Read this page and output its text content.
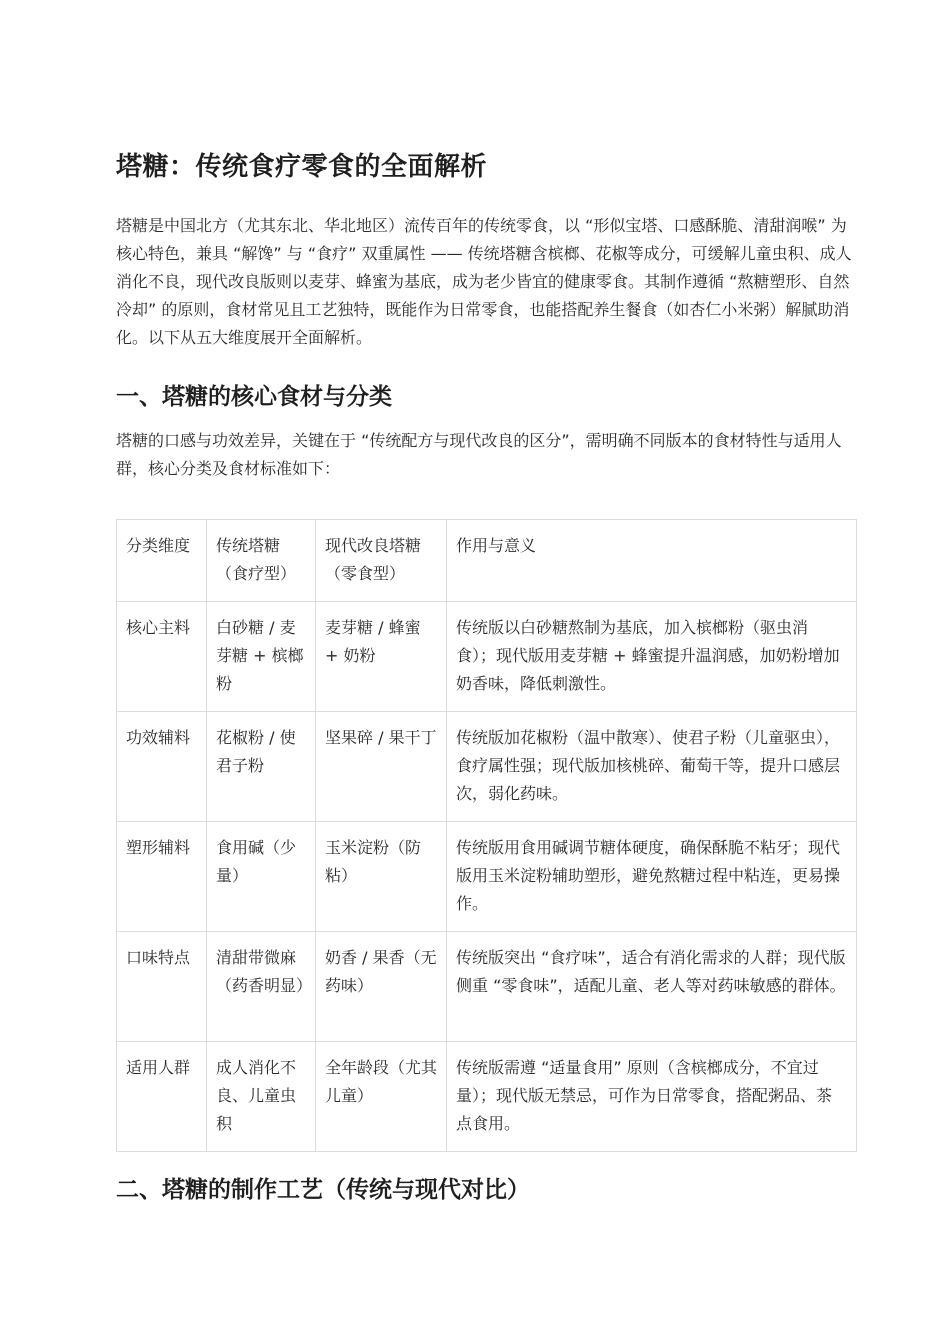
塔糖：传统食疗零食的全面解析

塔糖是中国北方（尤其东北、华北地区）流传百年的传统零食，以 “形似宝塔、口感酥脆、清甜润喉” 为核心特色，兼具 “解馋” 与 “食疗” 双重属性 —— 传统塔糖含槟榔、花椒等成分，可缓解儿童虫积、成人消化不良，现代改良版则以麦芽、蜂蜜为基底，成为老少皆宜的健康零食。其制作遵循 “熬糖塑形、自然冷却” 的原则，食材常见且工艺独特，既能作为日常零食，也能搭配养生餐食（如杏仁小米粥）解腻助消化。以下从五大维度展开全面解析。

一、塔糖的核心食材与分类

塔糖的口感与功效差异，关键在于 “传统配方与现代改良的区分”，需明确不同版本的食材特性与适用人群，核心分类及食材标准如下：

分类维度	传统塔糖（食疗型）	现代改良塔糖（零食型）	作用与意义
核心主料	白砂糖 / 麦芽糖 + 槟榔粉	麦芽糖 / 蜂蜜 + 奶粉	传统版以白砂糖熬制为基底，加入槟榔粉（驱虫消食）；现代版用麦芽糖 + 蜂蜜提升温润感，加奶粉增加奶香味，降低刺激性。
功效辅料	花椒粉 / 使君子粉	坚果碎 / 果干丁	传统版加花椒粉（温中散寒）、使君子粉（儿童驱虫），食疗属性强；现代版加核桃碎、葡萄干等，提升口感层次，弱化药味。
塑形辅料	食用碱（少量）	玉米淀粉（防粘）	传统版用食用碱调节糖体硬度，确保酥脆不粘牙；现代版用玉米淀粉辅助塑形，避免熬糖过程中粘连，更易操作。
口味特点	清甜带微麻（药香明显）	奶香 / 果香（无药味）	传统版突出 “食疗味”，适合有消化需求的人群；现代版侧重 “零食味”，适配儿童、老人等对药味敏感的群体。
适用人群	成人消化不良、儿童虫积	全年龄段（尤其儿童）	传统版需遵 “适量食用” 原则（含槟榔成分，不宜过量）；现代版无禁忌，可作为日常零食，搭配粥品、茶点食用。
二、塔糖的制作工艺（传统与现代对比）
